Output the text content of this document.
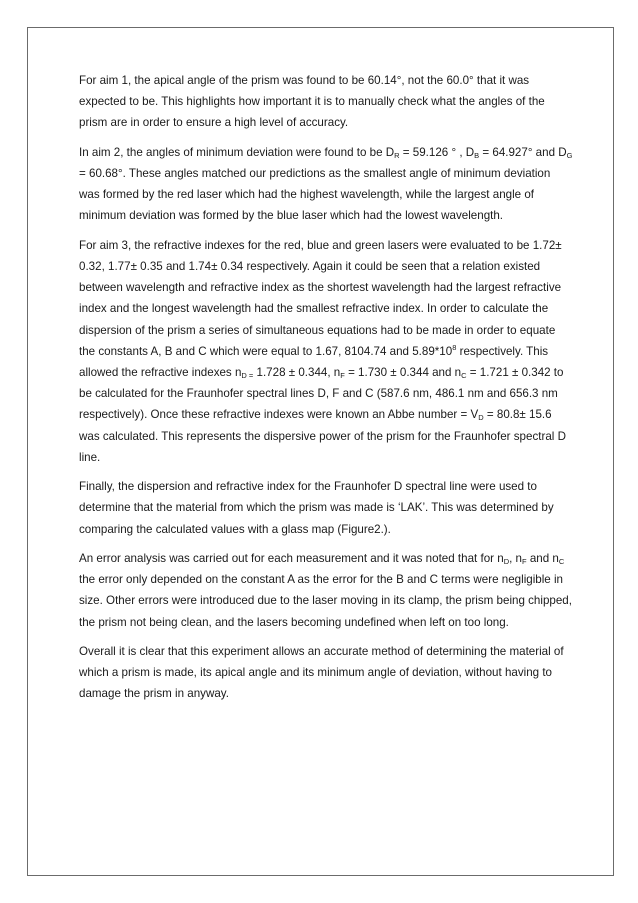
For aim 1, the apical angle of the prism was found to be 60.14°, not the 60.0° that it was expected to be. This highlights how important it is to manually check what the angles of the prism are in order to ensure a high level of accuracy.

In aim 2, the angles of minimum deviation were found to be $D_R = 59.126$ ° , $D_B = 64.927^\circ$ and $D_G = 60.68^\circ$. These angles matched our predictions as the smallest angle of minimum deviation was formed by the red laser which had the highest wavelength, while the largest angle of minimum deviation was formed by the blue laser which had the lowest wavelength.

For aim 3, the refractive indexes for the red, blue and green lasers were evaluated to be 1.72± 0.32, 1.77± 0.35 and 1.74± 0.34 respectively. Again it could be seen that a relation existed between wavelength and refractive index as the shortest wavelength had the largest refractive index and the longest wavelength had the smallest refractive index. In order to calculate the dispersion of the prism a series of simultaneous equations had to be made in order to equate the constants A, B and C which were equal to 1.67, 8104.74 and $5.89*10^8$ respectively. This allowed the refractive indexes $n_{D =}$ 1.728 ± 0.344, $n_F = 1.730 \pm 0.344$ and $n_C = 1.721 \pm 0.342$ to be calculated for the Fraunhofer spectral lines D, F and C (587.6 nm, 486.1 nm and 656.3 nm respectively). Once these refractive indexes were known an Abbe number = $V_D = 80.8\pm 15.6$ was calculated. This represents the dispersive power of the prism for the Fraunhofer spectral D line.

Finally, the dispersion and refractive index for the Fraunhofer D spectral line were used to determine that the material from which the prism was made is ‘LAK’. This was determined by comparing the calculated values with a glass map (Figure2.).

An error analysis was carried out for each measurement and it was noted that for $n_D$, $n_F$ and $n_C$ the error only depended on the constant A as the error for the B and C terms were negligible in size. Other errors were introduced due to the laser moving in its clamp, the prism being chipped, the prism not being clean, and the lasers becoming undefined when left on too long.

Overall it is clear that this experiment allows an accurate method of determining the material of which a prism is made, its apical angle and its minimum angle of deviation, without having to damage the prism in anyway.
